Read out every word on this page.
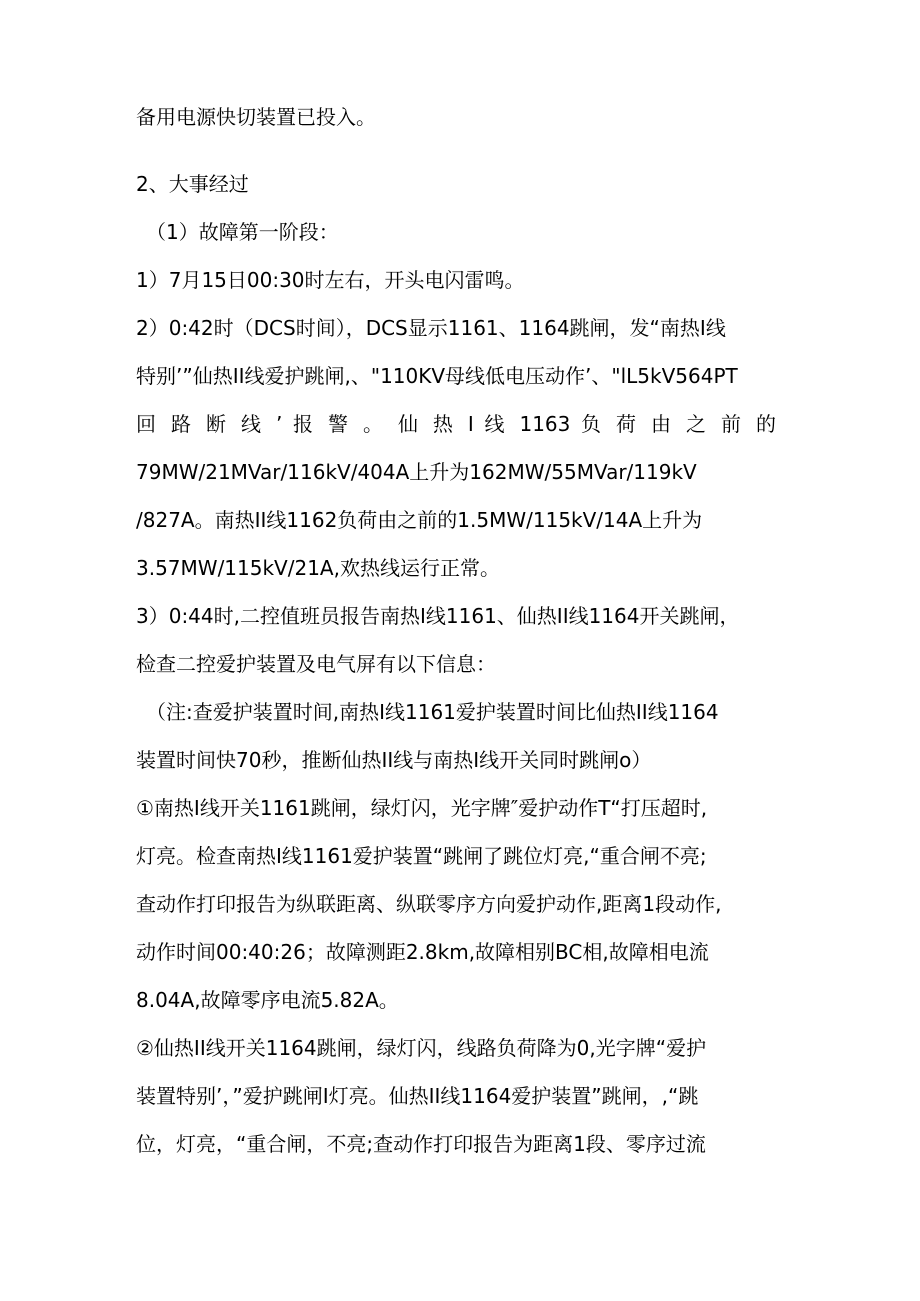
备用电源快切装置已投入。
2、大事经过
（1）故障第一阶段：
1）7月15日00:30时左右，开头电闪雷鸣。
2）0:42时（DCS时间），DCS显示1161、1164跳闸，发“南热I线
特别’”仙热II线爱护跳闸,、"110KV母线低电压动作’、"lL5kV564PT
回 路 断 线 ’ 报 警 。 仙 热 I 线 1163 负 荷 由 之 前 的
79MW/21MVar/116kV/404A上升为162MW/55MVar/119kV
/827A。南热II线1162负荷由之前的1.5MW/115kV/14A上升为
3.57MW/115kV/21A,欢热线运行正常。
3）0:44时,二控值班员报告南热I线1161、仙热II线1164开关跳闸，
检查二控爱护装置及电气屏有以下信息：
（注:查爱护装置时间,南热I线1161爱护装置时间比仙热II线1164
装置时间快70秒，推断仙热II线与南热I线开关同时跳闸o）
①南热I线开关1161跳闸，绿灯闪，光字牌″爱护动作T“打压超时,
灯亮。检查南热I线1161爱护装置“跳闸了跳位灯亮,“重合闸不亮;
查动作打印报告为纵联距离、纵联零序方向爱护动作,距离1段动作,
动作时间00:40:26；故障测距2.8km,故障相别BC相,故障相电流
8.04A,故障零序电流5.82A。
②仙热II线开关1164跳闸，绿灯闪，线路负荷降为0,光字牌“爱护
装置特别’，”爱护跳闸I灯亮。仙热II线1164爱护装置”跳闸，,“跳
位，灯亮，“重合闸，不亮;查动作打印报告为距离1段、零序过流
